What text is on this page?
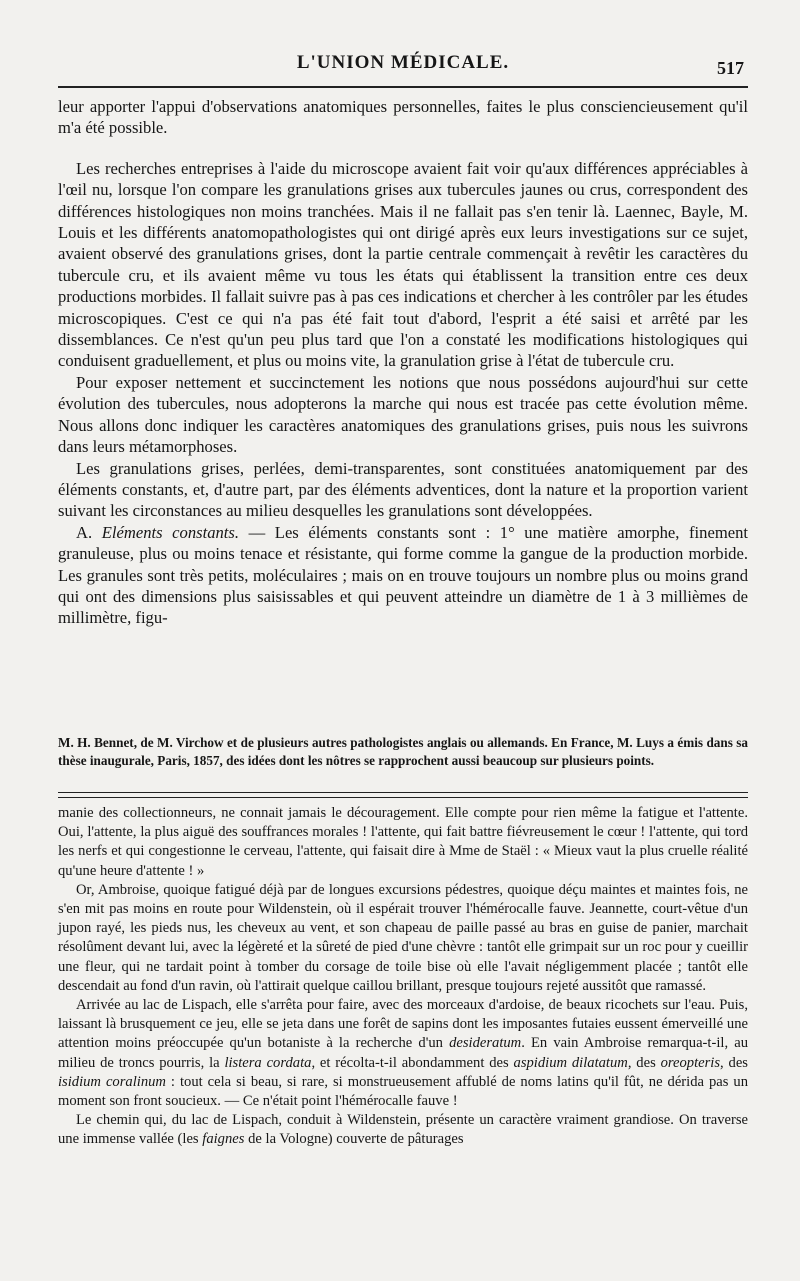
L'UNION MÉDICALE.	517

leur apporter l'appui d'observations anatomiques personnelles, faites le plus consciencieusement qu'il m'a été possible.

Les recherches entreprises à l'aide du microscope avaient fait voir qu'aux différences appréciables à l'œil nu, lorsque l'on compare les granulations grises aux tubercules jaunes ou crus, correspondent des différences histologiques non moins tranchées. Mais il ne fallait pas s'en tenir là. Laennec, Bayle, M. Louis et les différents anatomopathologistes qui ont dirigé après eux leurs investigations sur ce sujet, avaient observé des granulations grises, dont la partie centrale commençait à revêtir les caractères du tubercule cru, et ils avaient même vu tous les états qui établissent la transition entre ces deux productions morbides. Il fallait suivre pas à pas ces indications et chercher à les contrôler par les études microscopiques. C'est ce qui n'a pas été fait tout d'abord, l'esprit a été saisi et arrêté par les dissemblances. Ce n'est qu'un peu plus tard que l'on a constaté les modifications histologiques qui conduisent graduellement, et plus ou moins vite, la granulation grise à l'état de tubercule cru.

Pour exposer nettement et succinctement les notions que nous possédons aujourd'hui sur cette évolution des tubercules, nous adopterons la marche qui nous est tracée pas cette évolution même. Nous allons donc indiquer les caractères anatomiques des granulations grises, puis nous les suivrons dans leurs métamorphoses.

Les granulations grises, perlées, demi-transparentes, sont constituées anatomiquement par des éléments constants, et, d'autre part, par des éléments adventices, dont la nature et la proportion varient suivant les circonstances au milieu desquelles les granulations sont développées.

A. Eléments constants. — Les éléments constants sont : 1° une matière amorphe, finement granuleuse, plus ou moins tenace et résistante, qui forme comme la gangue de la production morbide. Les granules sont très petits, moléculaires ; mais on en trouve toujours un nombre plus ou moins grand qui ont des dimensions plus saisissables et qui peuvent atteindre un diamètre de 1 à 3 millièmes de millimètre, figu-

M. H. Bennet, de M. Virchow et de plusieurs autres pathologistes anglais ou allemands. En France, M. Luys a émis dans sa thèse inaugurale, Paris, 1857, des idées dont les nôtres se rapprochent aussi beaucoup sur plusieurs points.

manie des collectionneurs, ne connait jamais le découragement. Elle compte pour rien même la fatigue et l'attente. Oui, l'attente, la plus aiguë des souffrances morales ! l'attente, qui fait battre fiévreusement le cœur ! l'attente, qui tord les nerfs et qui congestionne le cerveau, l'attente, qui faisait dire à Mme de Staël : « Mieux vaut la plus cruelle réalité qu'une heure d'attente ! »

Or, Ambroise, quoique fatigué déjà par de longues excursions pédestres, quoique déçu maintes et maintes fois, ne s'en mit pas moins en route pour Wildenstein, où il espérait trouver l'hémérocalle fauve. Jeannette, court-vêtue d'un jupon rayé, les pieds nus, les cheveux au vent, et son chapeau de paille passé au bras en guise de panier, marchait résolûment devant lui, avec la légèreté et la sûreté de pied d'une chèvre : tantôt elle grimpait sur un roc pour y cueillir une fleur, qui ne tardait point à tomber du corsage de toile bise où elle l'avait négligemment placée ; tantôt elle descendait au fond d'un ravin, où l'attirait quelque caillou brillant, presque toujours rejeté aussitôt que ramassé.

Arrivée au lac de Lispach, elle s'arrêta pour faire, avec des morceaux d'ardoise, de beaux ricochets sur l'eau. Puis, laissant là brusquement ce jeu, elle se jeta dans une forêt de sapins dont les imposantes futaies eussent émerveillé une attention moins préoccupée qu'un botaniste à la recherche d'un desideratum. En vain Ambroise remarqua-t-il, au milieu de troncs pourris, la listera cordata, et récolta-t-il abondamment des aspidium dilatatum, des oreopteris, des isidium coralinum : tout cela si beau, si rare, si monstrueusement affublé de noms latins qu'il fût, ne dérida pas un moment son front soucieux. — Ce n'était point l'hémérocalle fauve !

Le chemin qui, du lac de Lispach, conduit à Wildenstein, présente un caractère vraiment grandiose. On traverse une immense vallée (les faignes de la Vologne) couverte de pâturages
